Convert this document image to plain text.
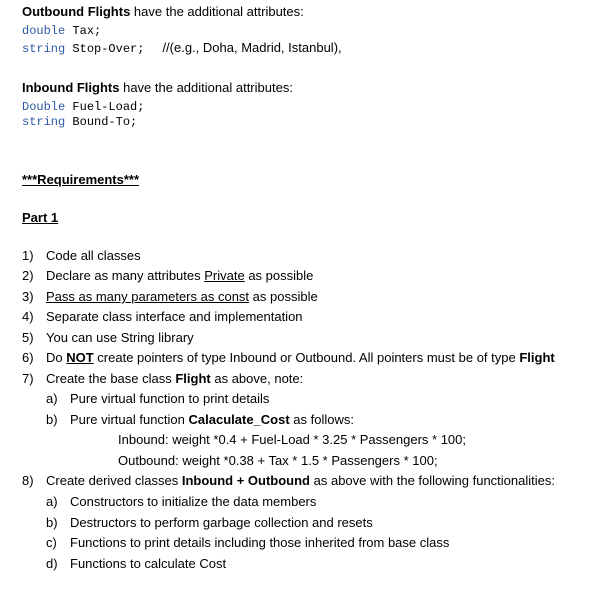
Outbound Flights have the additional attributes:
double Tax;
string Stop-Over; //(e.g., Doha, Madrid, Istanbul),
Inbound Flights have the additional attributes:
Double Fuel-Load;
string Bound-To;
***Requirements***
Part 1
1) Code all classes
2) Declare as many attributes Private as possible
3) Pass as many parameters as const as possible
4) Separate class interface and implementation
5) You can use String library
6) Do NOT create pointers of type Inbound or Outbound. All pointers must be of type Flight
7) Create the base class Flight as above, note:
a) Pure virtual function to print details
b) Pure virtual function Calaculate_Cost as follows:
Inbound: weight *0.4 + Fuel-Load * 3.25 * Passengers * 100;
Outbound: weight *0.38 + Tax * 1.5 * Passengers * 100;
8) Create derived classes Inbound + Outbound as above with the following functionalities:
a) Constructors to initialize the data members
b) Destructors to perform garbage collection and resets
c) Functions to print details including those inherited from base class
d) Functions to calculate Cost
